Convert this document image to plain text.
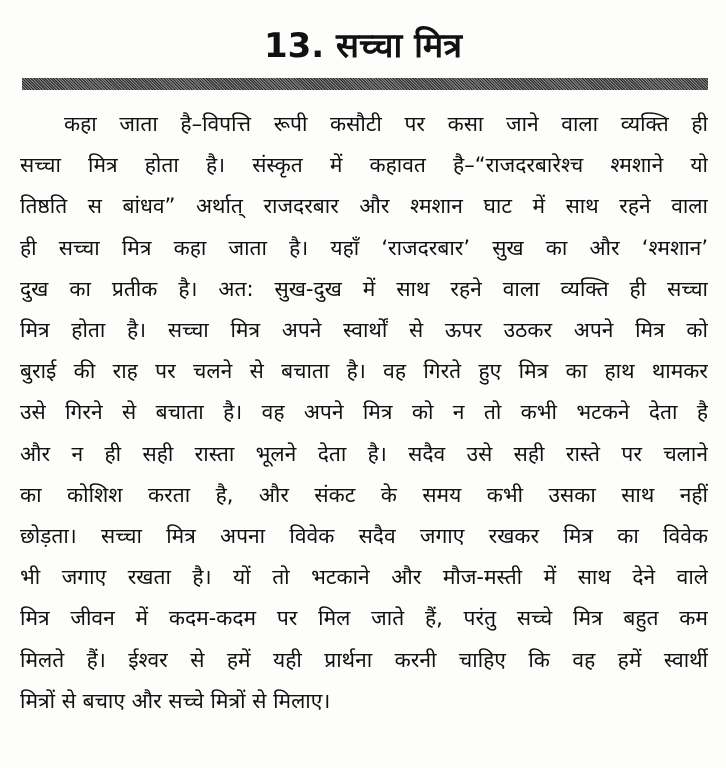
13. सच्चा मित्र
कहा जाता है–विपत्ति रूपी कसौटी पर कसा जाने वाला व्यक्ति ही
सच्चा मित्र होता है। संस्कृत में कहावत है–“राजदरबारेश्च श्मशाने यो
तिष्ठति स बांधव” अर्थात् राजदरबार और श्मशान घाट में साथ रहने वाला
ही सच्चा मित्र कहा जाता है। यहाँ ‘राजदरबार’ सुख का और ‘श्मशान’
दुख का प्रतीक है। अत: सुख-दुख में साथ रहने वाला व्यक्ति ही सच्चा
मित्र होता है। सच्चा मित्र अपने स्वार्थों से ऊपर उठकर अपने मित्र को
बुराई की राह पर चलने से बचाता है। वह गिरते हुए मित्र का हाथ थामकर
उसे गिरने से बचाता है। वह अपने मित्र को न तो कभी भटकने देता है
और न ही सही रास्ता भूलने देता है। सदैव उसे सही रास्ते पर चलाने
का कोशिश करता है, और संकट के समय कभी उसका साथ नहीं
छोड़ता। सच्चा मित्र अपना विवेक सदैव जगाए रखकर मित्र का विवेक
भी जगाए रखता है। यों तो भटकाने और मौज-मस्ती में साथ देने वाले
मित्र जीवन में कदम-कदम पर मिल जाते हैं, परंतु सच्चे मित्र बहुत कम
मिलते हैं। ईश्वर से हमें यही प्रार्थना करनी चाहिए कि वह हमें स्वार्थी
मित्रों से बचाए और सच्चे मित्रों से मिलाए।
